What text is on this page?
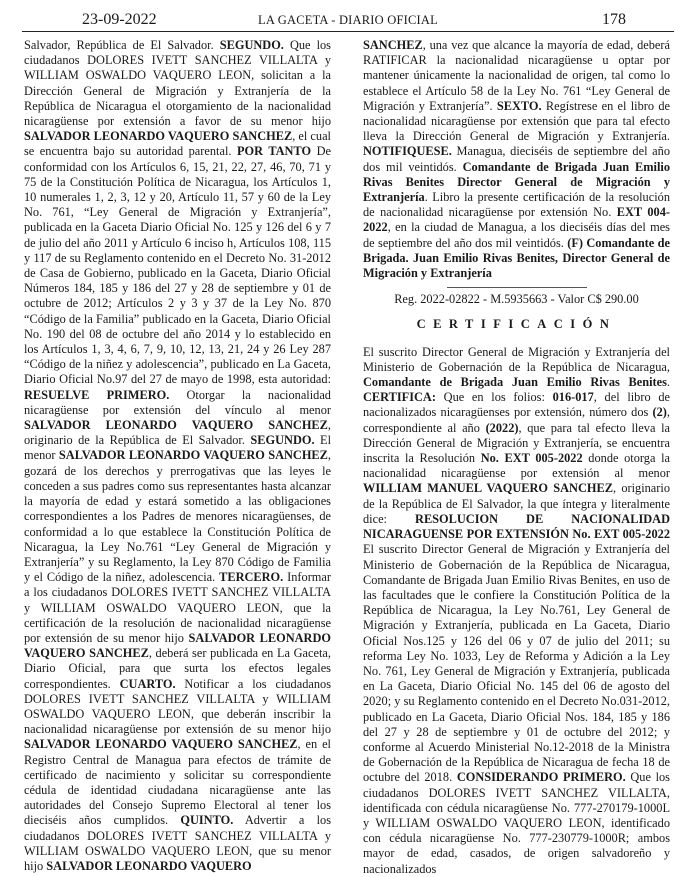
23-09-2022	LA GACETA - DIARIO OFICIAL	178

Salvador, República de El Salvador. SEGUNDO. Que los ciudadanos DOLORES IVETT SANCHEZ VILLALTA y WILLIAM OSWALDO VAQUERO LEON, solicitan a la Dirección General de Migración y Extranjería de la República de Nicaragua el otorgamiento de la nacionalidad nicaragüense por extensión a favor de su menor hijo SALVADOR LEONARDO VAQUERO SANCHEZ, el cual se encuentra bajo su autoridad parental. POR TANTO De conformidad con los Artículos 6, 15, 21, 22, 27, 46, 70, 71 y 75 de la Constitución Política de Nicaragua, los Artículos 1, 10 numerales 1, 2, 3, 12 y 20, Artículo 11, 57 y 60 de la Ley No. 761, “Ley General de Migración y Extranjería”, publicada en la Gaceta Diario Oficial No. 125 y 126 del 6 y 7 de julio del año 2011 y Artículo 6 inciso h, Artículos 108, 115 y 117 de su Reglamento contenido en el Decreto No. 31-2012 de Casa de Gobierno, publicado en la Gaceta, Diario Oficial Números 184, 185 y 186 del 27 y 28 de septiembre y 01 de octubre de 2012; Artículos 2 y 3 y 37 de la Ley No. 870 “Código de la Familia” publicado en la Gaceta, Diario Oficial No. 190 del 08 de octubre del año 2014 y lo establecido en los Artículos 1, 3, 4, 6, 7, 9, 10, 12, 13, 21, 24 y 26 Ley 287 “Código de la niñez y adolescencia”, publicado en La Gaceta, Diario Oficial No.97 del 27 de mayo de 1998, esta autoridad: RESUELVE PRIMERO. Otorgar la nacionalidad nicaragüense por extensión del vínculo al menor SALVADOR LEONARDO VAQUERO SANCHEZ, originario de la República de El Salvador. SEGUNDO. El menor SALVADOR LEONARDO VAQUERO SANCHEZ, gozará de los derechos y prerrogativas que las leyes le conceden a sus padres como sus representantes hasta alcanzar la mayoría de edad y estará sometido a las obligaciones correspondientes a los Padres de menores nicaragüenses, de conformidad a lo que establece la Constitución Política de Nicaragua, la Ley No.761 “Ley General de Migración y Extranjería” y su Reglamento, la Ley 870 Código de Familia y el Código de la niñez, adolescencia. TERCERO. Informar a los ciudadanos DOLORES IVETT SANCHEZ VILLALTA y WILLIAM OSWALDO VAQUERO LEON, que la certificación de la resolución de nacionalidad nicaragüense por extensión de su menor hijo SALVADOR LEONARDO VAQUERO SANCHEZ, deberá ser publicada en La Gaceta, Diario Oficial, para que surta los efectos legales correspondientes. CUARTO. Notificar a los ciudadanos DOLORES IVETT SANCHEZ VILLALTA y WILLIAM OSWALDO VAQUERO LEON, que deberán inscribir la nacionalidad nicaragüense por extensión de su menor hijo SALVADOR LEONARDO VAQUERO SANCHEZ, en el Registro Central de Managua para efectos de trámite de certificado de nacimiento y solicitar su correspondiente cédula de identidad ciudadana nicaragüense ante las autoridades del Consejo Supremo Electoral al tener los dieciséis años cumplidos. QUINTO. Advertir a los ciudadanos DOLORES IVETT SANCHEZ VILLALTA y WILLIAM OSWALDO VAQUERO LEON, que su menor hijo SALVADOR LEONARDO VAQUERO

SANCHEZ, una vez que alcance la mayoría de edad, deberá RATIFICAR la nacionalidad nicaragüense u optar por mantener únicamente la nacionalidad de origen, tal como lo establece el Artículo 58 de la Ley No. 761 “Ley General de Migración y Extranjería”. SEXTO. Regístrese en el libro de nacionalidad nicaragüense por extensión que para tal efecto lleva la Dirección General de Migración y Extranjería. NOTIFIQUESE. Managua, dieciséis de septiembre del año dos mil veintidós. Comandante de Brigada Juan Emilio Rivas Benites Director General de Migración y Extranjería. Libro la presente certificación de la resolución de nacionalidad nicaragüense por extensión No. EXT 004-2022, en la ciudad de Managua, a los dieciséis días del mes de septiembre del año dos mil veintidós. (F) Comandante de Brigada. Juan Emilio Rivas Benites, Director General de Migración y Extranjería

Reg. 2022-02822 - M.5935663 - Valor C$ 290.00

CERTIFICACIÓN

El suscrito Director General de Migración y Extranjería del Ministerio de Gobernación de la República de Nicaragua, Comandante de Brigada Juan Emilio Rivas Benites. CERTIFICA: Que en los folios: 016-017, del libro de nacionalizados nicaragüenses por extensión, número dos (2), correspondiente al año (2022), que para tal efecto lleva la Dirección General de Migración y Extranjería, se encuentra inscrita la Resolución No. EXT 005-2022 donde otorga la nacionalidad nicaragüense por extensión al menor WILLIAM MANUEL VAQUERO SANCHEZ, originario de la República de El Salvador, la que íntegra y literalmente dice: RESOLUCION DE NACIONALIDAD NICARAGUENSE POR EXTENSIÓN No. EXT 005-2022 El suscrito Director General de Migración y Extranjería del Ministerio de Gobernación de la República de Nicaragua, Comandante de Brigada Juan Emilio Rivas Benites, en uso de las facultades que le confiere la Constitución Política de la República de Nicaragua, la Ley No.761, Ley General de Migración y Extranjería, publicada en La Gaceta, Diario Oficial Nos.125 y 126 del 06 y 07 de julio del 2011; su reforma Ley No. 1033, Ley de Reforma y Adición a la Ley No. 761, Ley General de Migración y Extranjería, publicada en La Gaceta, Diario Oficial No. 145 del 06 de agosto del 2020; y su Reglamento contenido en el Decreto No.031-2012, publicado en La Gaceta, Diario Oficial Nos. 184, 185 y 186 del 27 y 28 de septiembre y 01 de octubre del 2012; y conforme al Acuerdo Ministerial No.12-2018 de la Ministra de Gobernación de la República de Nicaragua de fecha 18 de octubre del 2018. CONSIDERANDO PRIMERO. Que los ciudadanos DOLORES IVETT SANCHEZ VILLALTA, identificada con cédula nicaragüense No. 777-270179-1000L y WILLIAM OSWALDO VAQUERO LEON, identificado con cédula nicaragüense No. 777-230779-1000R; ambos mayor de edad, casados, de origen salvadoreño y nacionalizados
